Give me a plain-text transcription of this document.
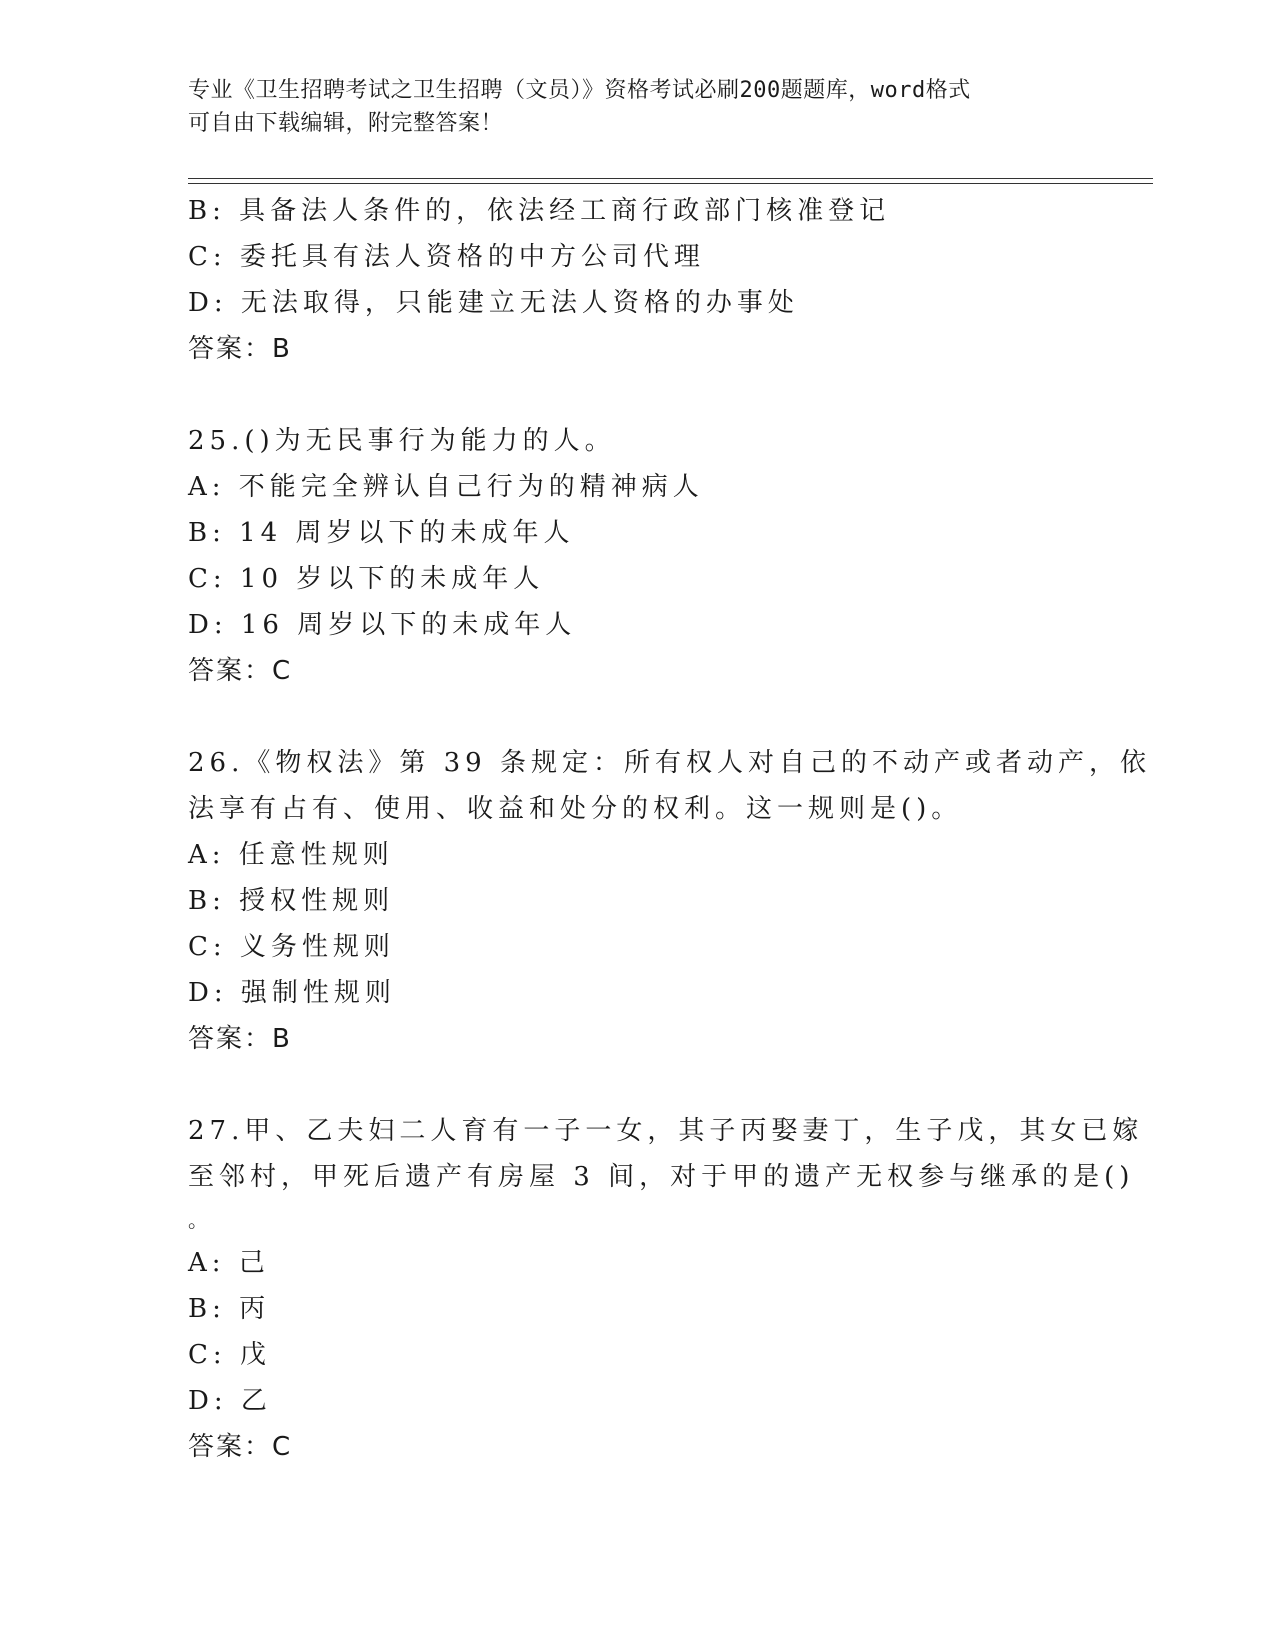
专业《卫生招聘考试之卫生招聘（文员）》资格考试必刷200题题库，word格式
可自由下载编辑，附完整答案！
B: 具备法人条件的，依法经工商行政部门核准登记
C: 委托具有法人资格的中方公司代理
D: 无法取得，只能建立无法人资格的办事处
答案：B
25.()为无民事行为能力的人。
A: 不能完全辨认自己行为的精神病人
B: 14 周岁以下的未成年人
C: 10 岁以下的未成年人
D: 16 周岁以下的未成年人
答案：C
26.《物权法》第 39 条规定：所有权人对自己的不动产或者动产，依
法享有占有、使用、收益和处分的权利。这一规则是()。
A: 任意性规则
B: 授权性规则
C: 义务性规则
D: 强制性规则
答案：B
27.甲、乙夫妇二人育有一子一女，其子丙娶妻丁，生子戊，其女已嫁
至邻村，甲死后遗产有房屋 3 间，对于甲的遗产无权参与继承的是()
。
A: 己
B: 丙
C: 戊
D: 乙
答案：C
